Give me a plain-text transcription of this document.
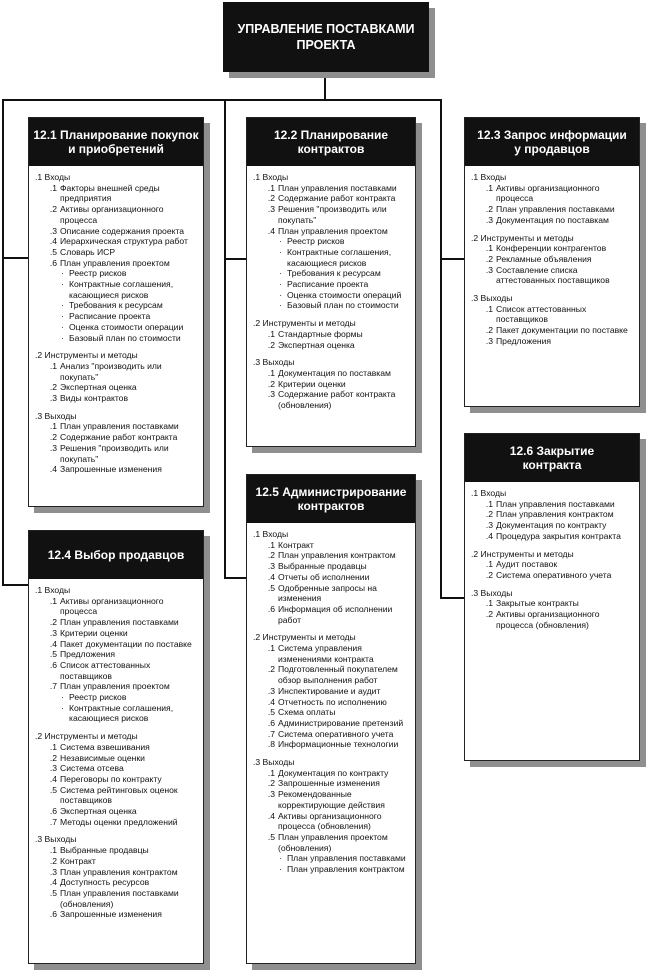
УПРАВЛЕНИЕ ПОСТАВКАМИ
ПРОЕКТА
12.1 Планирование покупок
и приобретений
.1 Входы
.1 Факторы внешней среды предприятия
.2 Активы организационного процесса
.3 Описание содержания проекта
.4 Иерархическая структура работ
.5 Словарь ИСР
.6 План управления проектом
· Реестр рисков
· Контрактные соглашения, касающиеся рисков
· Требования к ресурсам
· Расписание проекта
· Оценка стоимости операции
· Базовый план по стоимости
.2 Инструменты и методы
.1 Анализ "производить или покупать"
.2 Экспертная оценка
.3 Виды контрактов
.3 Выходы
.1 План управления поставками
.2 Содержание работ контракта
.3 Решения "производить или покупать"
.4 Запрошенные изменения
12.2 Планирование
контрактов
.1 Входы
.1 План управления поставками
.2 Содержание работ контракта
.3 Решения "производить или покупать"
.4 План управления проектом
· Реестр рисков
· Контрактные соглашения, касающиеся рисков
· Требования к ресурсам
· Расписание проекта
· Оценка стоимости операций
· Базовый план по стоимости
.2 Инструменты и методы
.1 Стандартные формы
.2 Экспертная оценка
.3 Выходы
.1 Документация по поставкам
.2 Критерии оценки
.3 Содержание работ контракта (обновления)
12.3 Запрос информации
у продавцов
.1 Входы
.1 Активы организационного процесса
.2 План управления поставками
.3 Документация по поставкам
.2 Инструменты и методы
.1 Конференции контрагентов
.2 Рекламные объявления
.3 Составление списка аттестованных поставщиков
.3 Выходы
.1 Список аттестованных поставщиков
.2 Пакет документации по поставке
.3 Предложения
12.4 Выбор продавцов
.1 Входы
.1 Активы организационного процесса
.2 План управления поставками
.3 Критерии оценки
.4 Пакет документации по поставке
.5 Предложения
.6 Список аттестованных поставщиков
.7 План управления проектом
· Реестр рисков
· Контрактные соглашения, касающиеся рисков
.2 Инструменты и методы
.1 Система взвешивания
.2 Независимые оценки
.3 Система отсева
.4 Переговоры по контракту
.5 Система рейтинговых оценок поставщиков
.6 Экспертная оценка
.7 Методы оценки предложений
.3 Выходы
.1 Выбранные продавцы
.2 Контракт
.3 План управления контрактом
.4 Доступность ресурсов
.5 План управления поставками (обновления)
.6 Запрошенные изменения
12.5 Администрирование
контрактов
.1 Входы
.1 Контракт
.2 План управления контрактом
.3 Выбранные продавцы
.4 Отчеты об исполнении
.5 Одобренные запросы на изменения
.6 Информация об исполнении работ
.2 Инструменты и методы
.1 Система управления изменениями контракта
.2 Подготовленный покупателем обзор выполнения работ
.3 Инспектирование и аудит
.4 Отчетность по исполнению
.5 Схема оплаты
.6 Администрирование претензий
.7 Система оперативного учета
.8 Информационные технологии
.3 Выходы
.1 Документация по контракту
.2 Запрошенные изменения
.3 Рекомендованные корректирующие действия
.4 Активы организационного процесса (обновления)
.5 План управления проектом (обновления)
· План управления поставками
· План управления контрактом
12.6 Закрытие
контракта
.1 Входы
.1 План управления поставками
.2 План управления контрактом
.3 Документация по контракту
.4 Процедура закрытия контракта
.2 Инструменты и методы
.1 Аудит поставок
.2 Система оперативного учета
.3 Выходы
.1 Закрытые контракты
.2 Активы организационного процесса (обновления)
